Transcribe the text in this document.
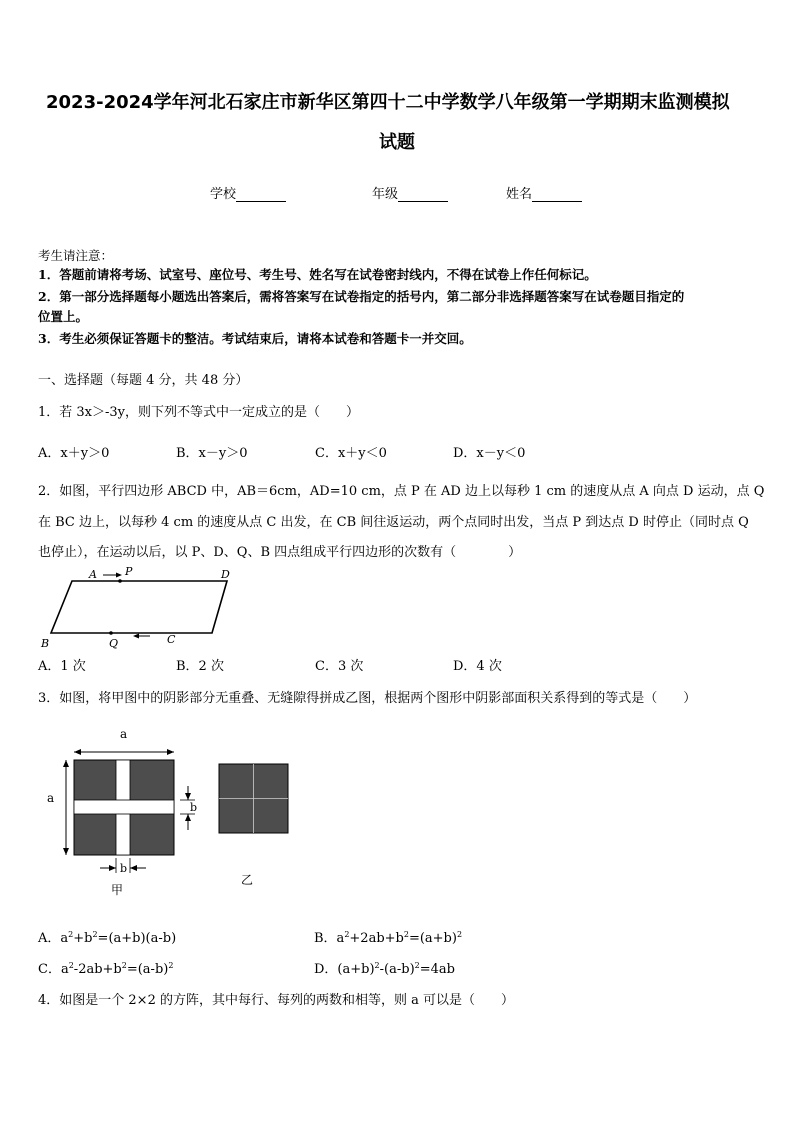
2023-2024学年河北石家庄市新华区第四十二中学数学八年级第一学期期末监测模拟
试题
学校	年级	姓名
考生请注意：
1．答题前请将考场、试室号、座位号、考生号、姓名写在试卷密封线内，不得在试卷上作任何标记。
2．第一部分选择题每小题选出答案后，需将答案写在试卷指定的括号内，第二部分非选择题答案写在试卷题目指定的
位置上。
3．考生必须保证答题卡的整洁。考试结束后，请将本试卷和答题卡一并交回。
一、选择题（每题 4 分，共 48 分）
1．若 3x＞-3y，则下列不等式中一定成立的是（　　）
A．x＋y＞0	B．x－y＞0	C．x＋y＜0	D．x－y＜0
2．如图，平行四边形 ABCD 中，AB＝6cm，AD=10 cm，点 P 在 AD 边上以每秒 1 cm 的速度从点 A 向点 D 运动，点 Q
在 BC 边上，以每秒 4 cm 的速度从点 C 出发，在 CB 间往返运动，两个点同时出发，当点 P 到达点 D 时停止（同时点 Q
也停止），在运动以后，以 P、D、Q、B 四点组成平行四边形的次数有（　　　　）
A	P	D
B	Q	C
A．1 次	B．2 次	C．3 次	D．4 次
3．如图，将甲图中的阴影部分无重叠、无缝隙得拼成乙图，根据两个图形中阴影部面积关系得到的等式是（　　）
a
a
b
b
甲
乙
A．$a^2+b^2=(a+b)(a-b)$	B．$a^2+2ab+b^2=(a+b)^2$
C．$a^2-2ab+b^2=(a-b)^2$	D．$(a+b)^2-(a-b)^2=4ab$
4．如图是一个 2×2 的方阵，其中每行、每列的两数和相等，则 a 可以是（　　）
